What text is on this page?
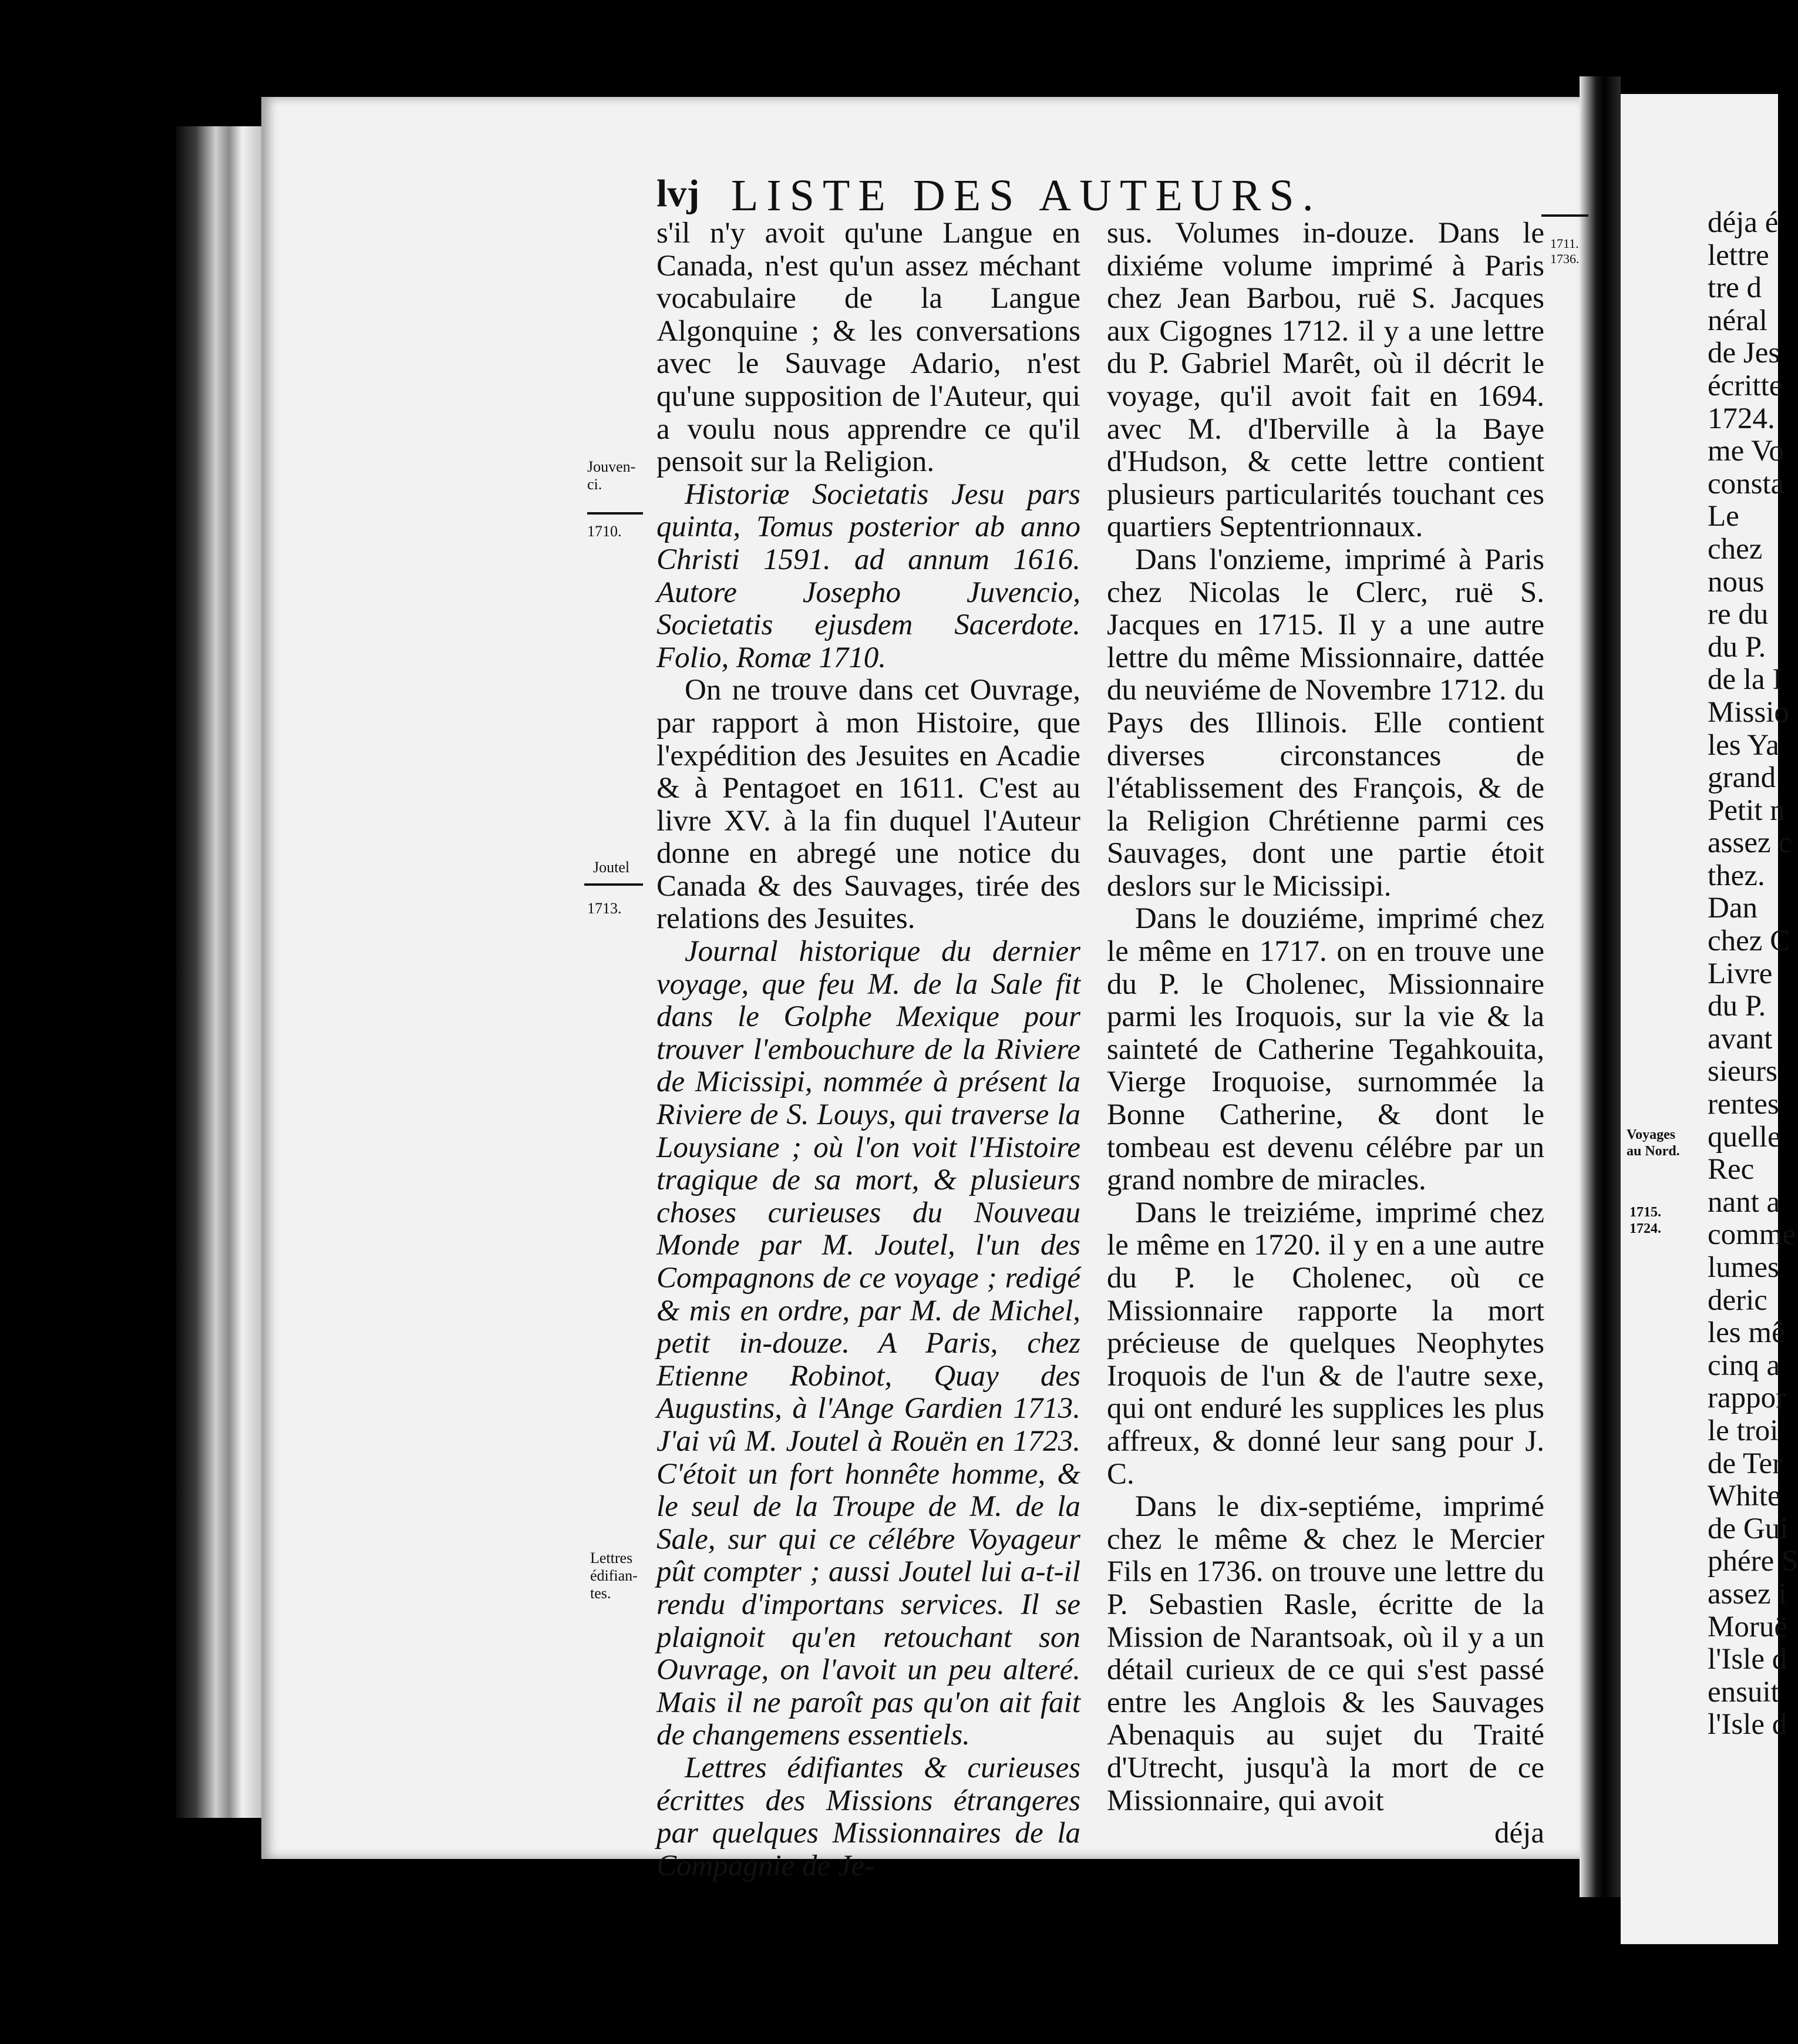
lvj LISTE DES AUTEURS.
Jouven-
ci.
1710.
Joutel
1713.
Lettres
édifian-
tes.
1711.
1736.
Voyages
au Nord.
1715.
1724.

s'il n'y avoit qu'une Langue en Canada, n'est qu'un assez méchant vocabulaire de la Langue Algonquine ; & les conversations avec le Sauvage Adario, n'est qu'une supposition de l'Auteur, qui a voulu nous apprendre ce qu'il pensoit sur la Religion.

Historiæ Societatis Jesu pars quinta, Tomus posterior ab anno Christi 1591. ad annum 1616. Autore Josepho Juvencio, Societatis ejusdem Sacerdote. Folio, Romæ 1710.

On ne trouve dans cet Ouvrage, par rapport à mon Histoire, que l'expédition des Jesuites en Acadie & à Pentagoet en 1611. C'est au livre XV. à la fin duquel l'Auteur donne en abregé une notice du Canada & des Sauvages, tirée des relations des Jesuites.

Journal historique du dernier voyage, que feu M. de la Sale fit dans le Golphe Mexique pour trouver l'embouchure de la Riviere de Micissipi, nommée à présent la Riviere de S. Louys, qui traverse la Louysiane ; où l'on voit l'Histoire tragique de sa mort, & plusieurs choses curieuses du Nouveau Monde par M. Joutel, l'un des Compagnons de ce voyage ; redigé & mis en ordre, par M. de Michel, petit in-douze. A Paris, chez Etienne Robinot, Quay des Augustins, à l'Ange Gardien 1713. J'ai vû M. Joutel à Rouën en 1723. C'étoit un fort honnête homme, & le seul de la Troupe de M. de la Sale, sur qui ce célébre Voyageur pût compter ; aussi Joutel lui a-t-il rendu d'importans services. Il se plaignoit qu'en retouchant son Ouvrage, on l'avoit un peu alteré. Mais il ne paroît pas qu'on ait fait de changemens essentiels.

Lettres édifiantes & curieuses écrittes des Missions étrangeres par quelques Missionnaires de la Compagnie de Je-

sus. Volumes in-douze. Dans le dixiéme volume imprimé à Paris chez Jean Barbou, ruë S. Jacques aux Cigognes 1712. il y a une lettre du P. Gabriel Marêt, où il décrit le voyage, qu'il avoit fait en 1694. avec M. d'Iberville à la Baye d'Hudson, & cette lettre contient plusieurs particularités touchant ces quartiers Septentrionnaux.

Dans l'onzieme, imprimé à Paris chez Nicolas le Clerc, ruë S. Jacques en 1715. Il y a une autre lettre du même Missionnaire, dattée du neuviéme de Novembre 1712. du Pays des Illinois. Elle contient diverses circonstances de l'établissement des François, & de la Religion Chrétienne parmi ces Sauvages, dont une partie étoit deslors sur le Micissipi.

Dans le douziéme, imprimé chez le même en 1717. on en trouve une du P. le Cholenec, Missionnaire parmi les Iroquois, sur la vie & la sainteté de Catherine Tegahkouita, Vierge Iroquoise, surnommée la Bonne Catherine, & dont le tombeau est devenu célébre par un grand nombre de miracles.

Dans le treiziéme, imprimé chez le même en 1720. il y en a une autre du P. le Cholenec, où ce Missionnaire rapporte la mort précieuse de quelques Neophytes Iroquois de l'un & de l'autre sexe, qui ont enduré les supplices les plus affreux, & donné leur sang pour J. C.

Dans le dix-septiéme, imprimé chez le même & chez le Mercier Fils en 1736. on trouve une lettre du P. Sebastien Rasle, écritte de la Mission de Narantsoak, où il y a un détail curieux de ce qui s'est passé entre les Anglois & les Sauvages Abenaquis au sujet du Traité d'Utrecht, jusqu'à la mort de ce Missionnaire, qui avoit

déja

déja é
lettre
tre d
néral
de Jes
écritte
1724.
me Vo
consta
Le
chez
nous
re du
du P.
de la I
Missio
les Ya
grand
Petit n
assez c
thez.
Dan
chez C
Livre
du P.
avant
sieurs
rentes
quelle
Rec
nant a
comme
lumes
deric
les mê
cinq a
rappor
le troi
de Ter
White
de Gui
phére S
assez i
Moruë
l'Isle d
ensuit
l'Isle d
